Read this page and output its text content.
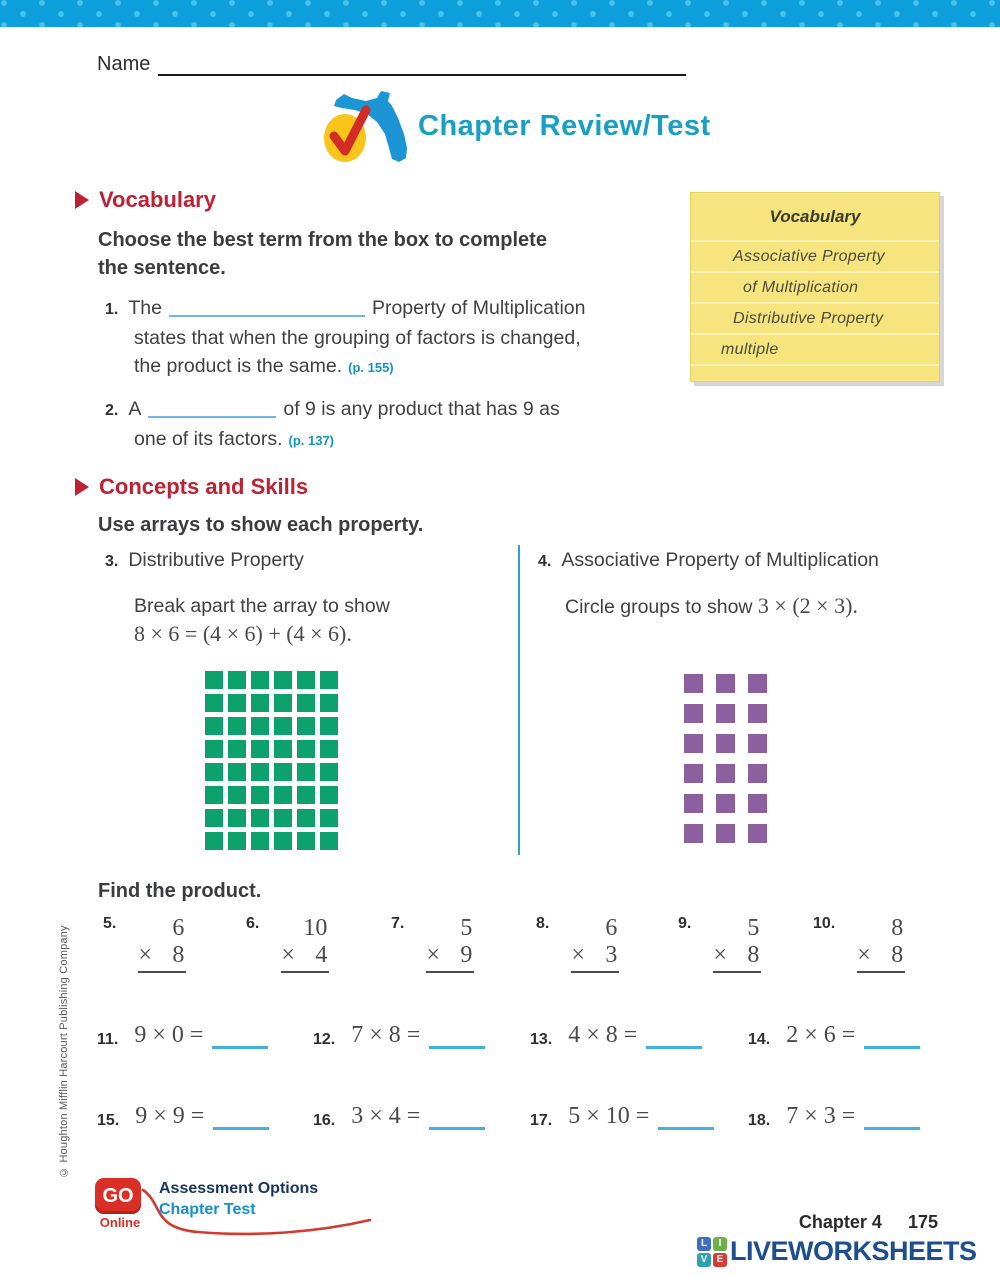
Name
Chapter Review/Test
Vocabulary
Choose the best term from the box to complete
the sentence.
1. The	Property of Multiplication
states that when the grouping of factors is changed,
the product is the same. (p. 155)
2. A	of 9 is any product that has 9 as
one of its factors. (p. 137)
Vocabulary
Associative Property
of Multiplication
Distributive Property
multiple
Concepts and Skills
Use arrays to show each property.
3. Distributive Property
Break apart the array to show
8 × 6 = (4 × 6) + (4 × 6).
4. Associative Property of Multiplication
Circle groups to show 3 × (2 × 3).
Find the product.
5.	6
× 8
6.	10
× 4
7.	5
× 9
8.	6
× 3
9.	5
× 8
10.	8
× 8
11. 9 × 0 =	12. 7 × 8 =	13. 4 × 8 =	14. 2 × 6 =
15. 9 × 9 =	16. 3 × 4 =	17. 5 × 10 =	18. 7 × 3 =
© Houghton Mifflin Harcourt Publishing Company
GO
Online
Assessment Options
Chapter Test
Chapter 4 175
L	I
V E LIVEWORKSHEETS
